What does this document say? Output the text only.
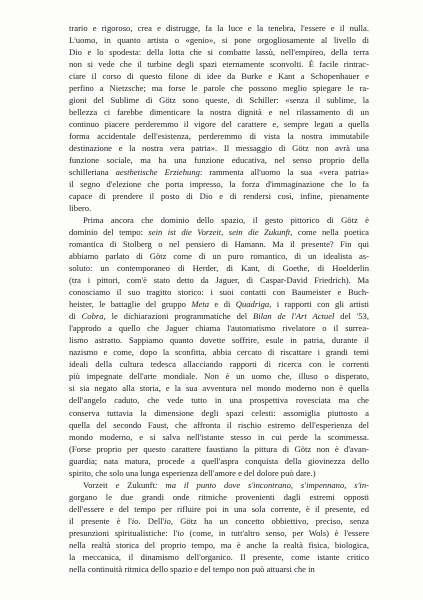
trario e rigoroso, crea e distrugge, fa la luce e la tenebra, l'essere e il nulla.
L'uomo, in quanto artista o «genio», si pone orgogliosamente al livello di
Dio e lo spodesta: della lotta che si combatte lassù, nell'empireo, della terra
non si vede che il turbine degli spazi eternamente sconvolti. È facile rintrac-
ciare il corso di questo filone di idee da Burke e Kant a Schopenhauer e
perfino a Nietzsche; ma forse le parole che possono meglio spiegare le ra-
gioni del Sublime di Götz sono queste, di Schiller: «senza il sublime, la
bellezza ci farebbe dimenticare la nostra dignità e nel rilassamento di un
continuo piacere perderemmo il vigore del carattere e, sempre legati a quella
forma accidentale dell'esistenza, perderemmo di vista la nostra immutabile
destinazione e la nostra vera patria». Il messaggio di Götz non avrà una
funzione sociale, ma ha una funzione educativa, nel senso proprio della
schilleriana aesthetische Erziehung: rammenta all'uomo la sua «vera patria»
il segno d'elezione che porta impresso, la forza d'immaginazione che lo fa
capace di prendere il posto di Dio e di rendersi così, infine, pienamente
libero.
Prima ancora che dominio dello spazio, il gesto pittorico di Götz è
dominio del tempo: sein ist die Vorzeit, sein die Zukunft, come nella poetica
romantica di Stolberg o nel pensiero di Hamann. Ma il presente? Fin qui
abbiamo parlato di Götz come di un puro romantico, di un idealista as-
soluto: un contemporaneo di Herder, di Kant, di Goethe, di Hoelderlin
(tra i pittori, com'è stato detto da Jaguer, di Caspar-David Friedrich). Ma
conosciamo il suo tragitto storico: i suoi contatti con Baumeister e Buch-
heister, le battaglie del gruppo Meta e di Quadriga, i rapporti con gli artisti
di Cobra, le dichiarazioni programmatiche del Bilan de l'Art Actuel del '53,
l'approdo a quello che Jaguer chiama l'automatismo rivelatore o il surrea-
lismo astratto. Sappiamo quanto dovette soffrire, esule in patria, durante il
nazismo e come, dopo la sconfitta, abbia cercato di riscattare i grandi temi
ideali della cultura tedesca allacciando rapporti di ricerca con le correnti
più impegnate dell'arte mondiale. Non è un uomo che, illuso o disperato,
si sia negato alla storia, e la sua avventura nel mondo moderno non è quella
dell'angelo caduto, che vede tutto in una prospettiva rovesciata ma che
conserva tuttavia la dimensione degli spazi celesti: assomiglia piuttosto a
quella del secondo Faust, che affronta il rischio estremo dell'esperienza del
mondo moderno, e si salva nell'istante stesso in cui perde la scommessa.
(Forse proprio per questo carattere faustiano la pittura di Götz non è d'avan-
guardia; nata matura, procede a quell'aspra conquista della giovinezza dello
spirito, che solo una lunga esperienza dell'amore e del dolore può dare.)
Vorzeit e Zukunft: ma il punto dove s'incontrano, s'impennano, s'in-
gorgano le due grandi onde ritmiche provenienti dagli estremi opposti
dell'essere e del tempo per rifluire poi in una sola corrente, è il presente, ed
il presente è l'io. Dell'io, Götz ha un concetto obbiettivo, preciso, senza
presunzioni spiritualistiche: l'io (come, in tutt'altro senso, per Wols) è l'essere
nella realtà storica del proprio tempo, ma è anche la realtà fisica, biologica,
la meccanica, il dinamismo dell'organico. Il presente, come istante critico
nella continuità ritmica dello spazio e del tempo non può attuarsi che in
